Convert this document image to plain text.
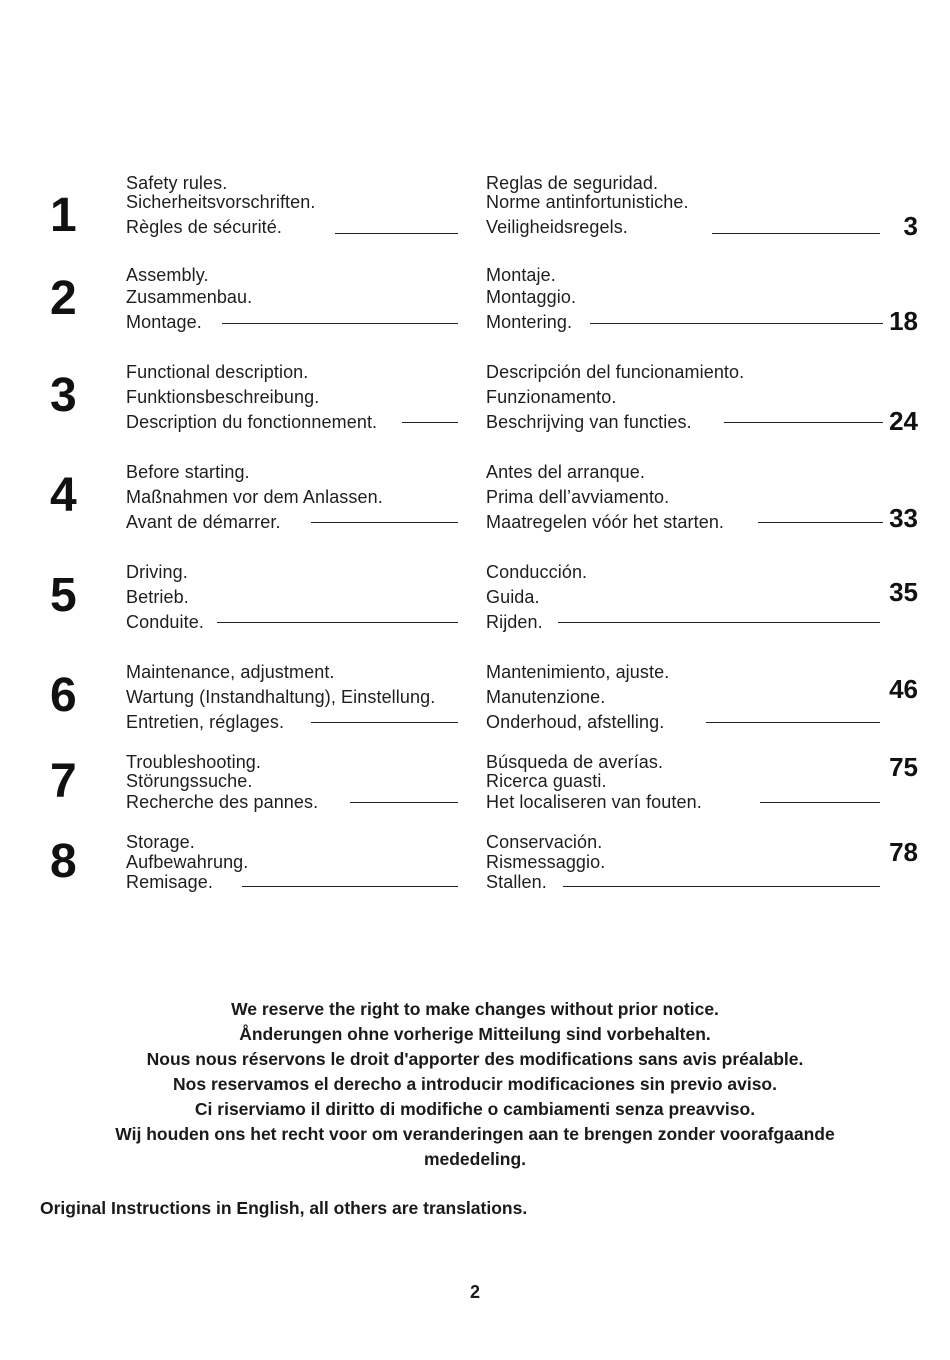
1
Safety rules.
Sicherheitsvorschriften.
Règles de sécurité.
Reglas de seguridad.
Norme antinfortunistiche.
Veiligheidsregels.	3
2	Assembly.
Zusammenbau.
Montage.
Montaje.
Montaggio.
Montering.	18
3	Functional description.
Funktionsbeschreibung.
Description du fonctionnement.
Descripción del funcionamiento.
Funzionamento.
Beschrijving van functies.	24
4	Before starting.
Maßnahmen vor dem Anlassen.
Avant de démarrer.
Antes del arranque.
Prima dell’avviamento.
Maatregelen vóór het starten.	33
5	Driving.
Betrieb.
Conduite.
Conducción.
Guida.
Rijden.
35
6	Maintenance, adjustment.
Wartung (Instandhaltung), Einstellung.
Entretien, réglages.
Mantenimiento, ajuste.
Manutenzione.
Onderhoud, afstelling.
46
7	Troubleshooting.
Störungssuche.
Recherche des pannes.
Búsqueda de averías.
Ricerca guasti.
Het localiseren van fouten.
75
8	Storage.
Aufbewahrung.
Remisage.
Conservación.
Rismessaggio.
Stallen.
78
We reserve the right to make changes without prior notice.
Ånderungen ohne vorherige Mitteilung sind vorbehalten.
Nous nous réservons le droit d'apporter des modifications sans avis préalable.
Nos reservamos el derecho a introducir modificaciones sin previo aviso.
Ci riserviamo il diritto di modifiche o cambiamenti senza preavviso.
Wij houden ons het recht voor om veranderingen aan te brengen zonder voorafgaande
mededeling.
Original Instructions in English, all others are translations.
2
